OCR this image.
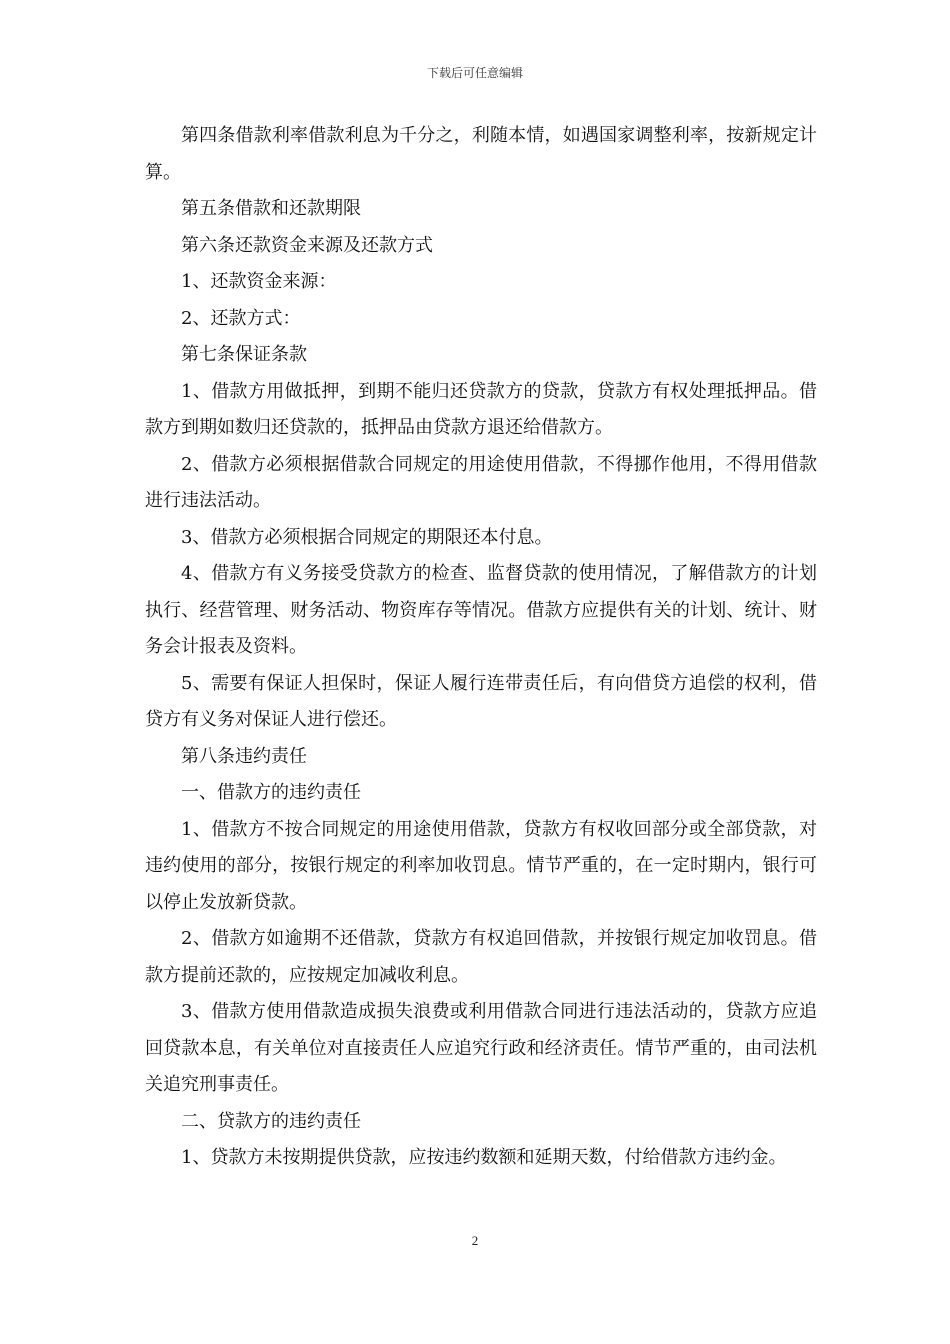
下载后可任意编辑

第四条借款利率借款利息为千分之，利随本情，如遇国家调整利率，按新规定计算。

第五条借款和还款期限

第六条还款资金来源及还款方式

1、还款资金来源：

2、还款方式：

第七条保证条款

1、借款方用做抵押，到期不能归还贷款方的贷款，贷款方有权处理抵押品。借款方到期如数归还贷款的，抵押品由贷款方退还给借款方。

2、借款方必须根据借款合同规定的用途使用借款，不得挪作他用，不得用借款进行违法活动。

3、借款方必须根据合同规定的期限还本付息。

4、借款方有义务接受贷款方的检查、监督贷款的使用情况，了解借款方的计划执行、经营管理、财务活动、物资库存等情况。借款方应提供有关的计划、统计、财务会计报表及资料。

5、需要有保证人担保时，保证人履行连带责任后，有向借贷方追偿的权利，借贷方有义务对保证人进行偿还。

第八条违约责任

一、借款方的违约责任

1、借款方不按合同规定的用途使用借款，贷款方有权收回部分或全部贷款，对违约使用的部分，按银行规定的利率加收罚息。情节严重的，在一定时期内，银行可以停止发放新贷款。

2、借款方如逾期不还借款，贷款方有权追回借款，并按银行规定加收罚息。借款方提前还款的，应按规定加减收利息。

3、借款方使用借款造成损失浪费或利用借款合同进行违法活动的，贷款方应追回贷款本息，有关单位对直接责任人应追究行政和经济责任。情节严重的，由司法机关追究刑事责任。

二、贷款方的违约责任

1、贷款方未按期提供贷款，应按违约数额和延期天数，付给借款方违约金。

2
